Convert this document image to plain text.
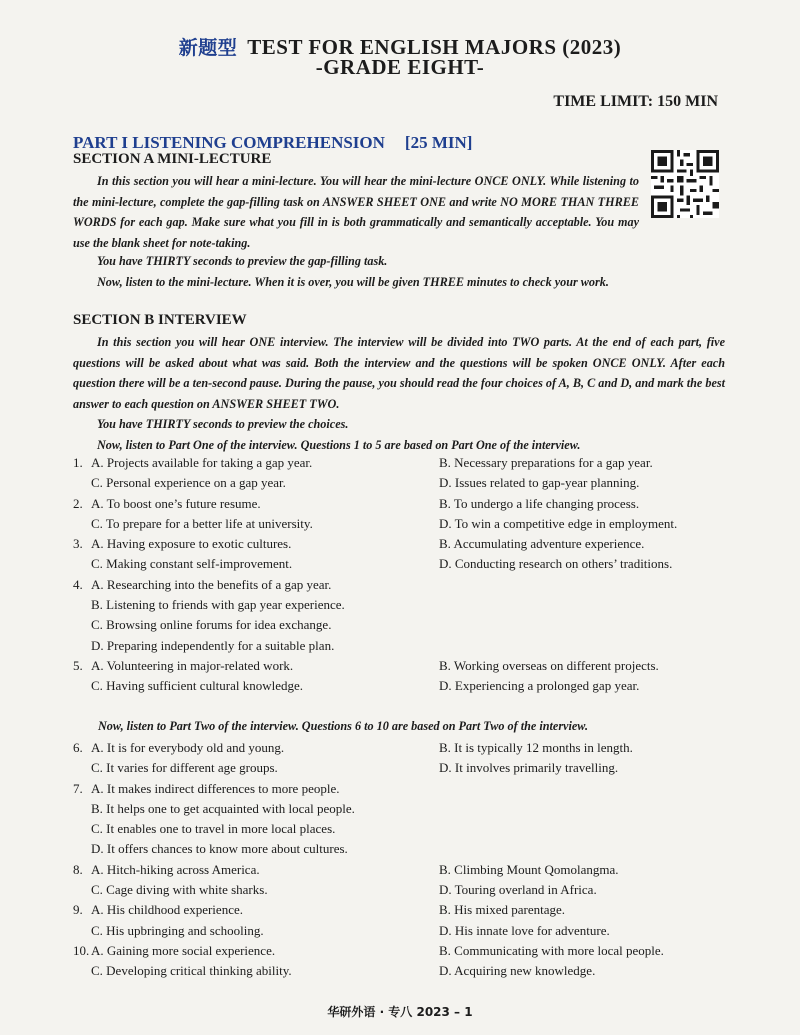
新题型 TEST FOR ENGLISH MAJORS (2023)
-GRADE EIGHT-
TIME LIMIT: 150 MIN
PART I LISTENING COMPREHENSION [25 MIN]
SECTION A MINI-LECTURE

In this section you will hear a mini-lecture. You will hear the mini-lecture ONCE ONLY. While listening to the mini-lecture, complete the gap-filling task on ANSWER SHEET ONE and write NO MORE THAN THREE WORDS for each gap. Make sure what you fill in is both grammatically and semantically acceptable. You may use the blank sheet for note-taking.

You have THIRTY seconds to preview the gap-filling task.

Now, listen to the mini-lecture. When it is over, you will be given THREE minutes to check your work.

SECTION B INTERVIEW

In this section you will hear ONE interview. The interview will be divided into TWO parts. At the end of each part, five questions will be asked about what was said. Both the interview and the questions will be spoken ONCE ONLY. After each question there will be a ten-second pause. During the pause, you should read the four choices of A, B, C and D, and mark the best answer to each question on ANSWER SHEET TWO.

You have THIRTY seconds to preview the choices.

Now, listen to Part One of the interview. Questions 1 to 5 are based on Part One of the interview.

1. A. Projects available for taking a gap year.	B. Necessary preparations for a gap year.
C. Personal experience on a gap year.	D. Issues related to gap-year planning.
2. A. To boost one’s future resume.	B. To undergo a life changing process.
C. To prepare for a better life at university.	D. To win a competitive edge in employment.
3. A. Having exposure to exotic cultures.	B. Accumulating adventure experience.
C. Making constant self-improvement.	D. Conducting research on others’ traditions.
4. A. Researching into the benefits of a gap year.
B. Listening to friends with gap year experience.
C. Browsing online forums for idea exchange.
D. Preparing independently for a suitable plan.
5. A. Volunteering in major-related work.	B. Working overseas on different projects.
C. Having sufficient cultural knowledge.	D. Experiencing a prolonged gap year.
Now, listen to Part Two of the interview. Questions 6 to 10 are based on Part Two of the interview.
6. A. It is for everybody old and young.	B. It is typically 12 months in length.
C. It varies for different age groups.	D. It involves primarily travelling.
7. A. It makes indirect differences to more people.
B. It helps one to get acquainted with local people.
C. It enables one to travel in more local places.
D. It offers chances to know more about cultures.
8. A. Hitch-hiking across America.	B. Climbing Mount Qomolangma.
C. Cage diving with white sharks.	D. Touring overland in Africa.
9. A. His childhood experience.	B. His mixed parentage.
C. His upbringing and schooling.	D. His innate love for adventure.
10. A. Gaining more social experience.	B. Communicating with more local people.
C. Developing critical thinking ability.	D. Acquiring new knowledge.
华研外语 · 专八 2023 – 1
